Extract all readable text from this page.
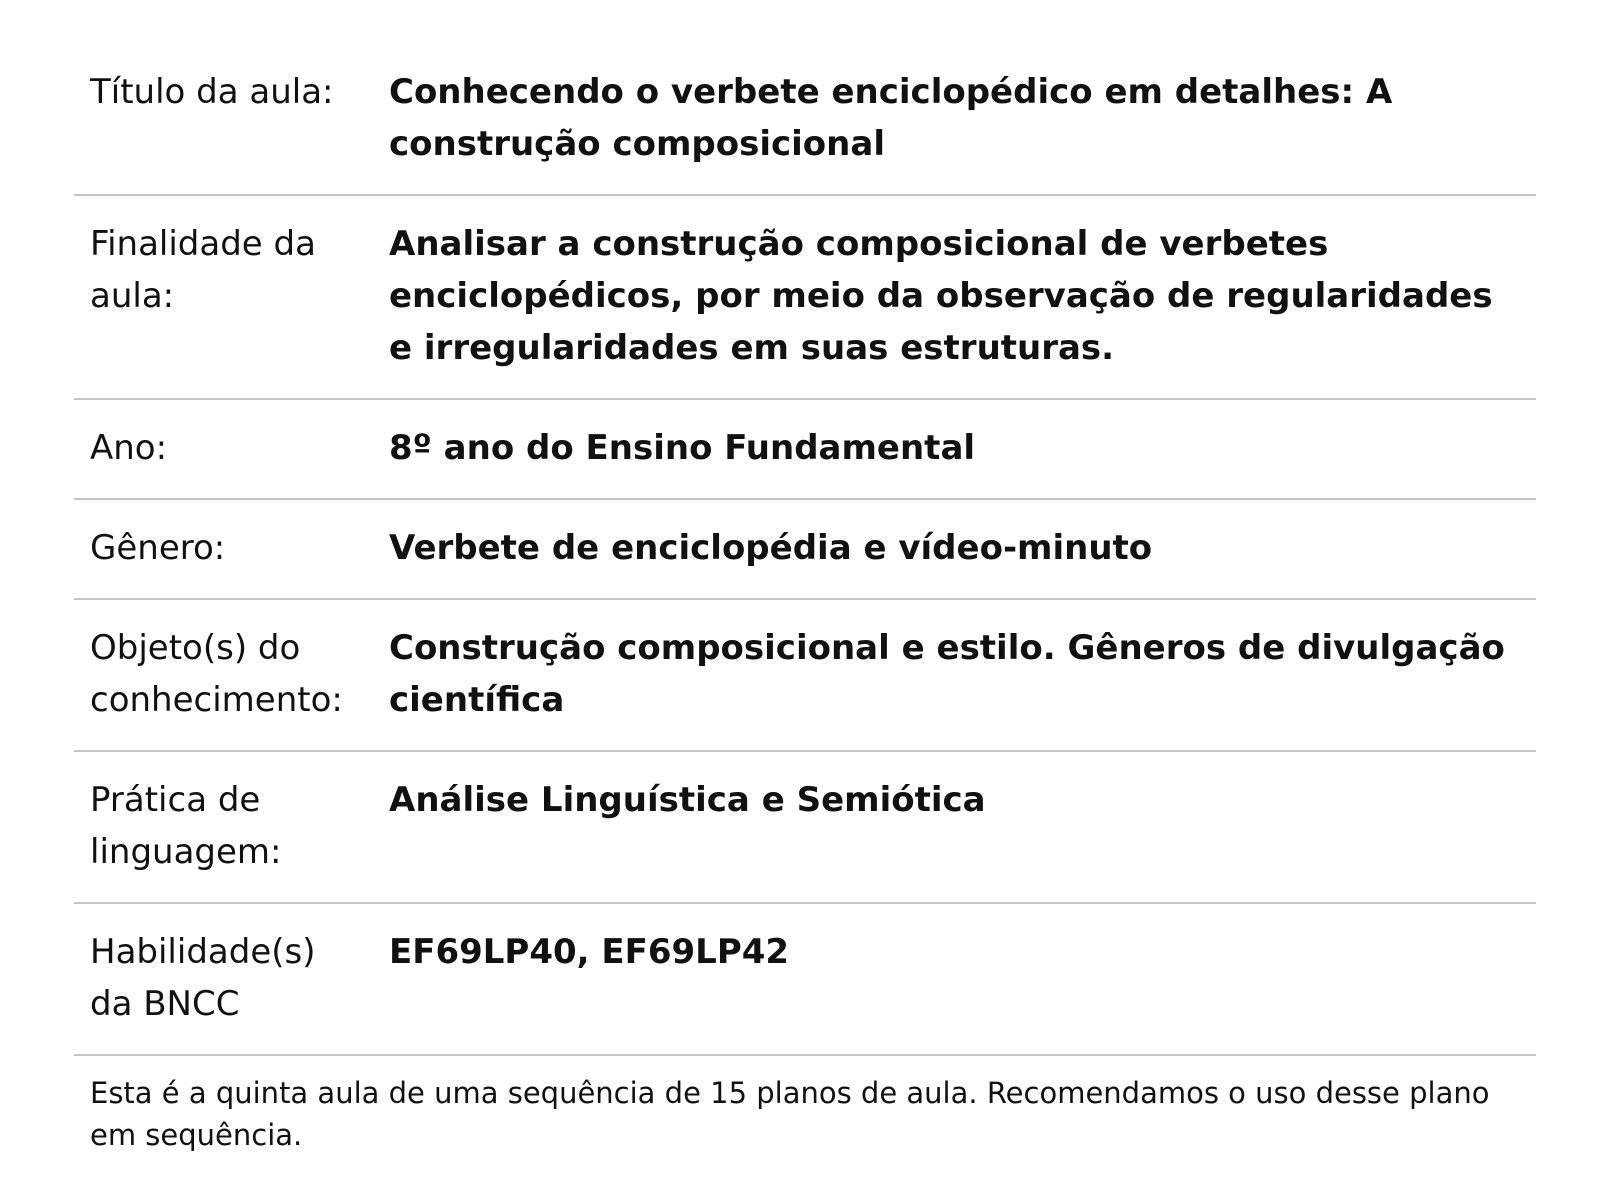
Título da aula:	Conhecendo o verbete enciclopédico em detalhes: A construção composicional
Finalidade da aula:	Analisar a construção composicional de verbetes enciclopédicos, por meio da observação de regularidades e irregularidades em suas estruturas.
Ano:	8º ano do Ensino Fundamental
Gênero:	Verbete de enciclopédia e vídeo-minuto
Objeto(s) do conhecimento:	Construção composicional e estilo. Gêneros de divulgação científica
Prática de linguagem:	Análise Linguística e Semiótica
Habilidade(s) da BNCC	EF69LP40, EF69LP42

Esta é a quinta aula de uma sequência de 15 planos de aula. Recomendamos o uso desse plano em sequência.
